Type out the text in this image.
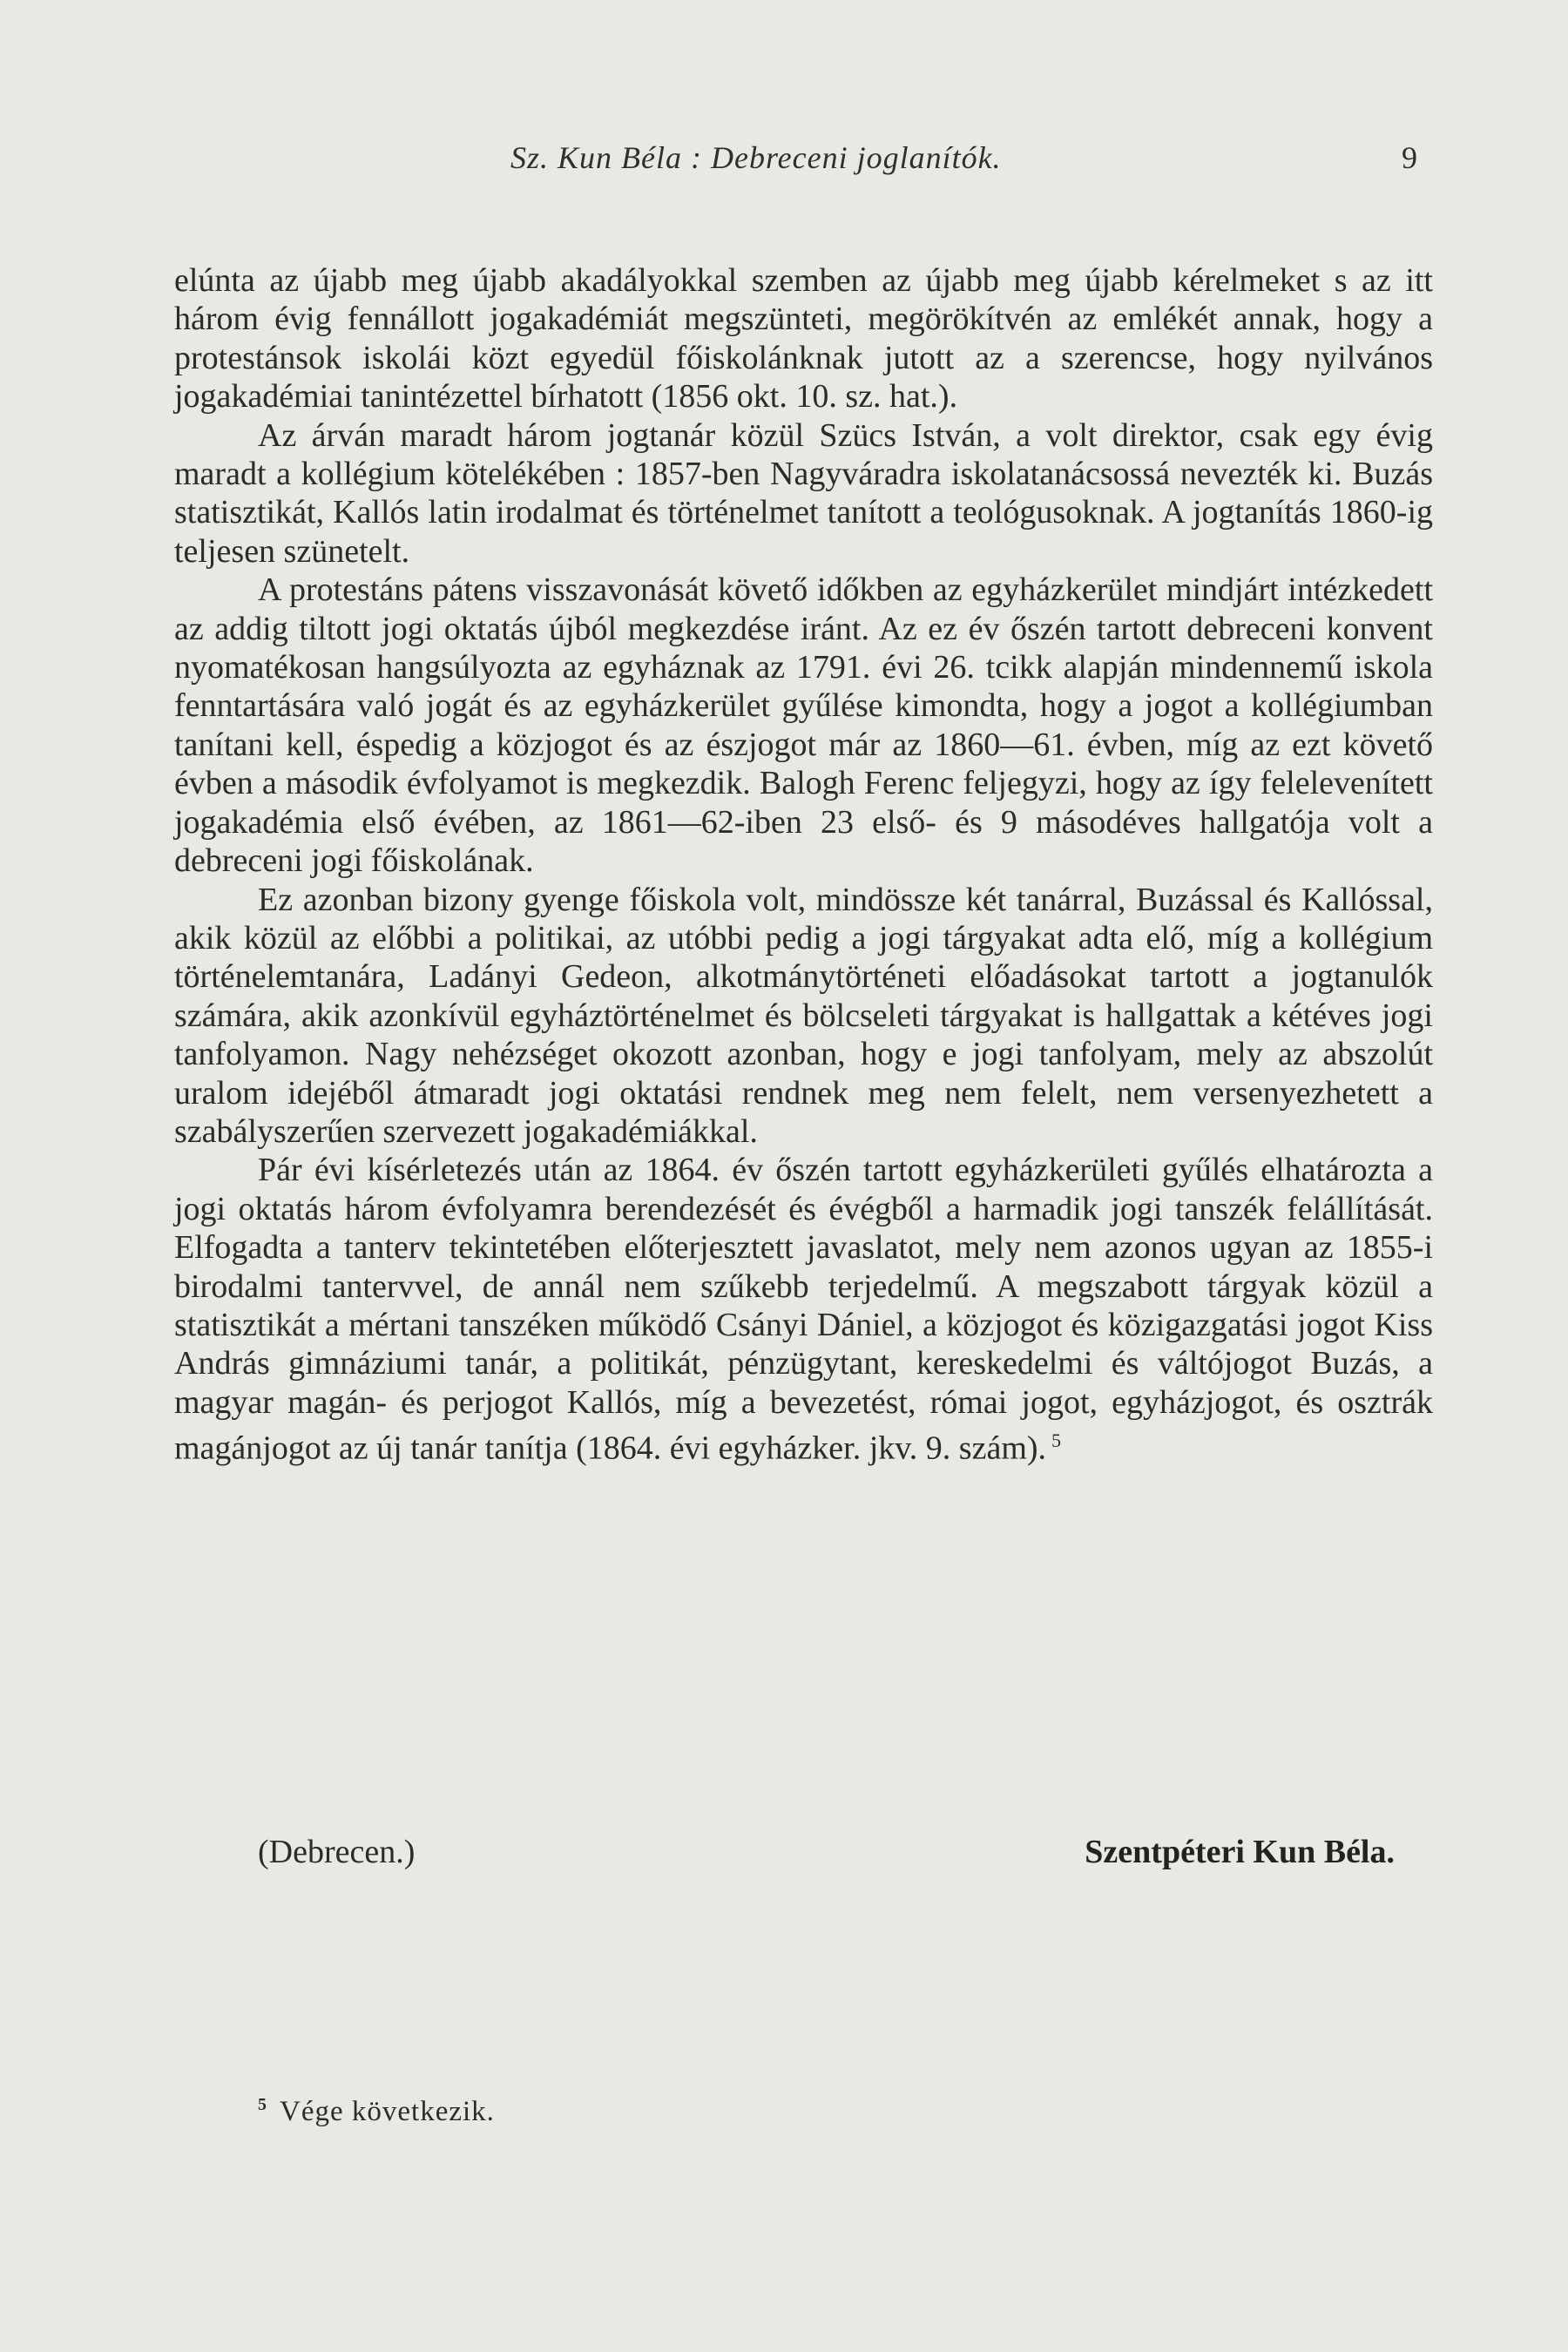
Sz. Kun Béla : Debreceni joglanítók.	9

elúnta az újabb meg újabb akadályokkal szemben az újabb meg újabb kérelmeket s az itt három évig fennállott jogakadémiát megszünteti, megörökítvén az emlékét annak, hogy a protestánsok iskolái közt egyedül főiskolánknak jutott az a szerencse, hogy nyilvános jogakadémiai tanintézettel bírhatott (1856 okt. 10. sz. hat.).

Az árván maradt három jogtanár közül Szücs István, a volt direktor, csak egy évig maradt a kollégium kötelékében : 1857-ben Nagyváradra iskolatanácsossá nevezték ki. Buzás statisztikát, Kallós latin irodalmat és történelmet tanított a teológusoknak. A jogtanítás 1860-ig teljesen szünetelt.

A protestáns pátens visszavonását követő időkben az egyházkerület mindjárt intézkedett az addig tiltott jogi oktatás újból megkezdése iránt. Az ez év őszén tartott debreceni konvent nyomatékosan hangsúlyozta az egyháznak az 1791. évi 26. tcikk alapján mindennemű iskola fenntartására való jogát és az egyházkerület gyűlése kimondta, hogy a jogot a kollégiumban tanítani kell, éspedig a közjogot és az észjogot már az 1860—61. évben, míg az ezt követő évben a második évfolyamot is megkezdik. Balogh Ferenc feljegyzi, hogy az így felelevenített jogakadémia első évében, az 1861—62-iben 23 első- és 9 másodéves hallgatója volt a debreceni jogi főiskolának.

Ez azonban bizony gyenge főiskola volt, mindössze két tanárral, Buzással és Kallóssal, akik közül az előbbi a politikai, az utóbbi pedig a jogi tárgyakat adta elő, míg a kollégium történelemtanára, Ladányi Gedeon, alkotmánytörténeti előadásokat tartott a jogtanulók számára, akik azonkívül egyháztörténelmet és bölcseleti tárgyakat is hallgattak a kétéves jogi tanfolyamon. Nagy nehézséget okozott azonban, hogy e jogi tanfolyam, mely az abszolút uralom idejéből átmaradt jogi oktatási rendnek meg nem felelt, nem versenyezhetett a szabályszerűen szervezett jogakadémiákkal.

Pár évi kísérletezés után az 1864. év őszén tartott egyházkerületi gyűlés elhatározta a jogi oktatás három évfolyamra berendezését és évégből a harmadik jogi tanszék felállítását. Elfogadta a tanterv tekintetében előterjesztett javaslatot, mely nem azonos ugyan az 1855-i birodalmi tantervvel, de annál nem szűkebb terjedelmű. A megszabott tárgyak közül a statisztikát a mértani tanszéken működő Csányi Dániel, a közjogot és közigazgatási jogot Kiss András gimnáziumi tanár, a politikát, pénzügytant, kereskedelmi és váltójogot Buzás, a magyar magán- és perjogot Kallós, míg a bevezetést, római jogot, egyházjogot, és osztrák magánjogot az új tanár tanítja (1864. évi egyházker. jkv. 9. szám). $^5$

(Debrecen.)	Szentpéteri Kun Béla.
$^5$ Vége következik.
